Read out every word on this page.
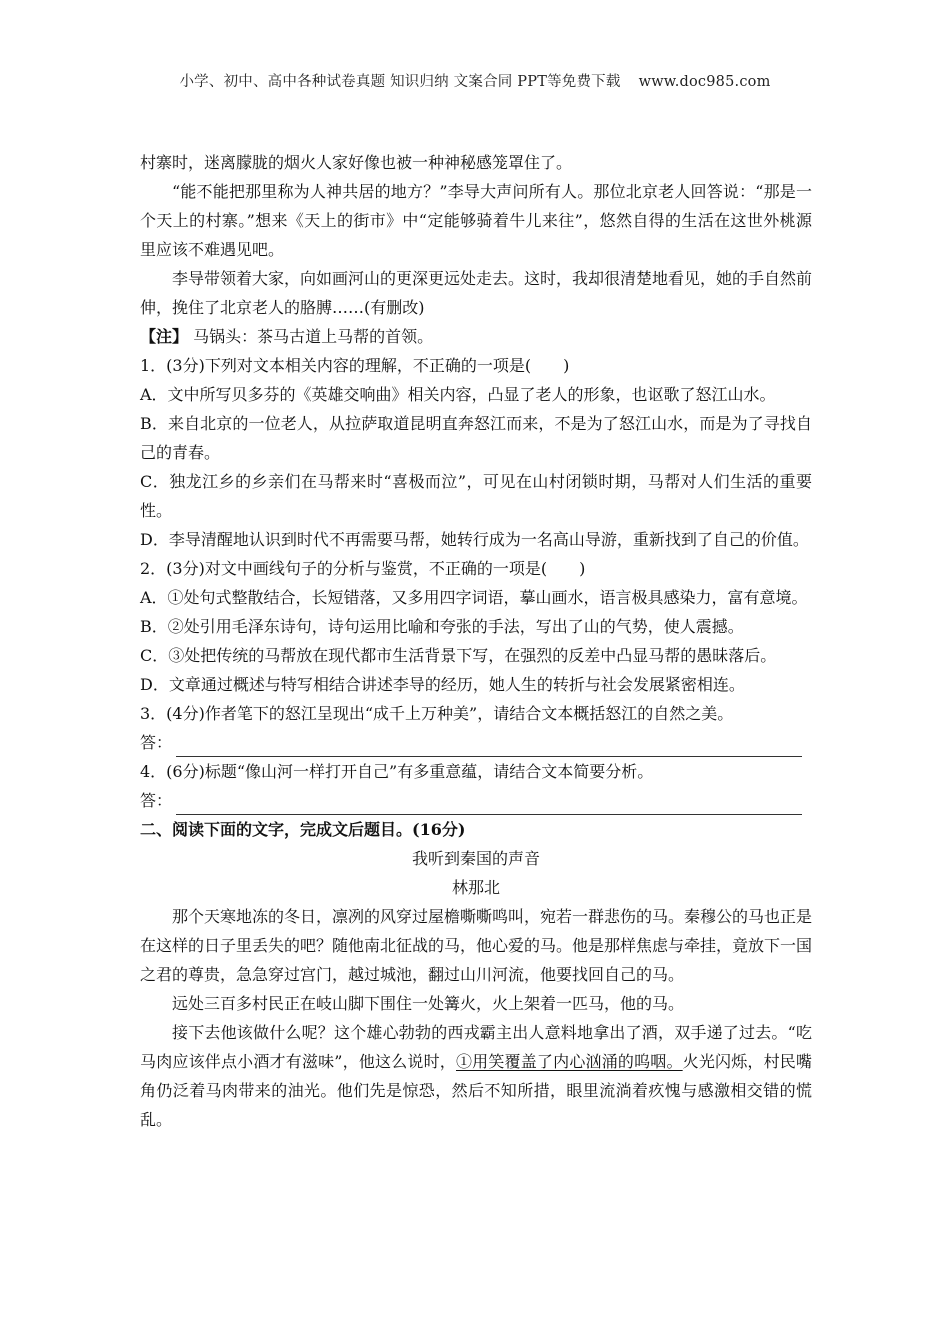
小学、初中、高中各种试卷真题 知识归纳 文案合同 PPT等免费下载 www.doc985.com

村寨时，迷离朦胧的烟火人家好像也被一种神秘感笼罩住了。

“能不能把那里称为人神共居的地方？”李导大声问所有人。那位北京老人回答说：“那是一个天上的村寨。”想来《天上的街市》中“定能够骑着牛儿来往”，悠然自得的生活在这世外桃源里应该不难遇见吧。

李导带领着大家，向如画河山的更深更远处走去。这时，我却很清楚地看见，她的手自然前伸，挽住了北京老人的胳膊……(有删改)

【注】 马锅头：茶马古道上马帮的首领。

1．(3分)下列对文本相关内容的理解，不正确的一项是(　　)

A．文中所写贝多芬的《英雄交响曲》相关内容，凸显了老人的形象，也讴歌了怒江山水。

B．来自北京的一位老人，从拉萨取道昆明直奔怒江而来，不是为了怒江山水，而是为了寻找自己的青春。

C．独龙江乡的乡亲们在马帮来时“喜极而泣”，可见在山村闭锁时期，马帮对人们生活的重要性。

D．李导清醒地认识到时代不再需要马帮，她转行成为一名高山导游，重新找到了自己的价值。

2．(3分)对文中画线句子的分析与鉴赏，不正确的一项是(　　)

A．①处句式整散结合，长短错落，又多用四字词语，摹山画水，语言极具感染力，富有意境。

B．②处引用毛泽东诗句，诗句运用比喻和夸张的手法，写出了山的气势，使人震撼。

C．③处把传统的马帮放在现代都市生活背景下写，在强烈的反差中凸显马帮的愚昧落后。

D．文章通过概述与特写相结合讲述李导的经历，她人生的转折与社会发展紧密相连。

3．(4分)作者笔下的怒江呈现出“成千上万种美”，请结合文本概括怒江的自然之美。

答：

4．(6分)标题“像山河一样打开自己”有多重意蕴，请结合文本简要分析。

答：

二、阅读下面的文字，完成文后题目。(16分)

我听到秦国的声音

林那北

那个天寒地冻的冬日，凛冽的风穿过屋檐嘶嘶鸣叫，宛若一群悲伤的马。秦穆公的马也正是在这样的日子里丢失的吧？随他南北征战的马，他心爱的马。他是那样焦虑与牵挂，竟放下一国之君的尊贵，急急穿过宫门，越过城池，翻过山川河流，他要找回自己的马。

远处三百多村民正在岐山脚下围住一处篝火，火上架着一匹马，他的马。

接下去他该做什么呢？这个雄心勃勃的西戎霸主出人意料地拿出了酒，双手递了过去。“吃马肉应该伴点小酒才有滋味”，他这么说时，①用笑覆盖了内心汹涌的呜咽。火光闪烁，村民嘴角仍泛着马肉带来的油光。他们先是惊恐，然后不知所措，眼里流淌着疚愧与感激相交错的慌乱。
